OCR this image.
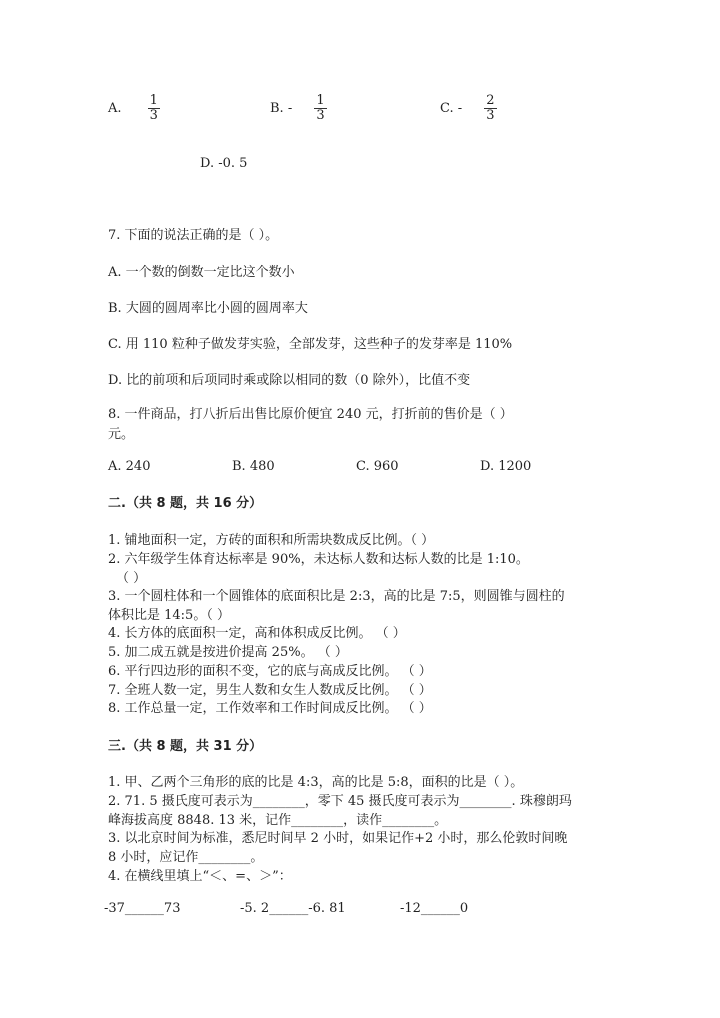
A. $\frac{1}{3}$	B. - $\frac{1}{3}$	C. - $\frac{2}{3}$
D. -0. 5
7. 下面的说法正确的是（ ）。
A. 一个数的倒数一定比这个数小
B. 大圆的圆周率比小圆的圆周率大
C. 用 110 粒种子做发芽实验，全部发芽，这些种子的发芽率是 110%
D. 比的前项和后项同时乘或除以相同的数（0 除外），比值不变
8. 一件商品，打八折后出售比原价便宜 240 元，打折前的售价是（ ）
元。
A. 240	B. 480	C. 960	D. 1200
二.（共 8 题，共 16 分）
1. 铺地面积一定，方砖的面积和所需块数成反比例。（ ）
2. 六年级学生体育达标率是 90%，未达标人数和达标人数的比是 1:10。
（ ）
3. 一个圆柱体和一个圆锥体的底面积比是 2:3，高的比是 7:5，则圆锥与圆柱的
体积比是 14:5。（ ）
4. 长方体的底面积一定，高和体积成反比例。 （ ）
5. 加二成五就是按进价提高 25%。 （ ）
6. 平行四边形的面积不变，它的底与高成反比例。 （ ）
7. 全班人数一定，男生人数和女生人数成反比例。 （ ）
8. 工作总量一定，工作效率和工作时间成反比例。 （ ）
三.（共 8 题，共 31 分）
1. 甲、乙两个三角形的底的比是 4:3，高的比是 5:8，面积的比是（ ）。
2. 71. 5 摄氏度可表示为________，零下 45 摄氏度可表示为________. 珠穆朗玛
峰海拔高度 8848. 13 米，记作________，读作________。
3. 以北京时间为标准，悉尼时间早 2 小时，如果记作+2 小时，那么伦敦时间晚
8 小时，应记作________。
4. 在横线里填上“＜、=、＞”：
-37______73	-5. 2______-6. 81	-12______0
